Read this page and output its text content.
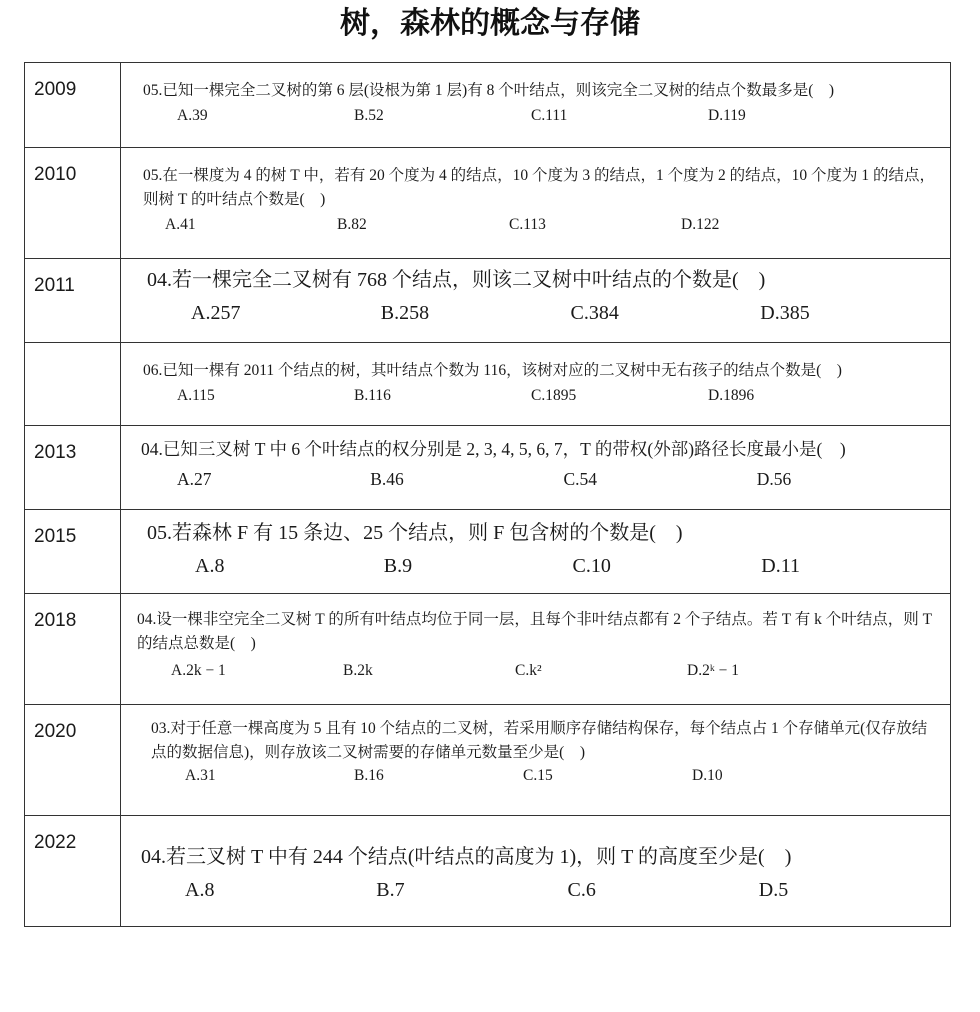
树，森林的概念与存储
2009	05.已知一棵完全二叉树的第 6 层(设根为第 1 层)有 8 个叶结点，则该完全二叉树的结点个数最多是(　)
A.39 B.52 C.111 D.119

2010	05.在一棵度为 4 的树 T 中，若有 20 个度为 4 的结点，10 个度为 3 的结点，1 个度为 2 的结点，10 个度为 1 的结点，则树 T 的叶结点个数是(　)
A.41 B.82 C.113 D.122

2011	04.若一棵完全二叉树有 768 个结点，则该二叉树中叶结点的个数是(　)
A.257 B.258 C.384 D.385

	06.已知一棵有 2011 个结点的树，其叶结点个数为 116，该树对应的二叉树中无右孩子的结点个数是(　)
A.115 B.116 C.1895 D.1896

2013	04.已知三叉树 T 中 6 个叶结点的权分别是 2, 3, 4, 5, 6, 7，T 的带权(外部)路径长度最小是(　)
A.27 B.46 C.54 D.56

2015	05.若森林 F 有 15 条边、25 个结点，则 F 包含树的个数是(　)
A.8 B.9 C.10 D.11

2018	04.设一棵非空完全二叉树 T 的所有叶结点均位于同一层，且每个非叶结点都有 2 个子结点。若 T 有 k 个叶结点，则 T 的结点总数是(　)
A.2k − 1 B.2k C.k² D.2ᵏ − 1

2020	03.对于任意一棵高度为 5 且有 10 个结点的二叉树，若采用顺序存储结构保存，每个结点占 1 个存储单元(仅存放结点的数据信息)，则存放该二叉树需要的存储单元数量至少是(　)
A.31 B.16 C.15 D.10

2022	04.若三叉树 T 中有 244 个结点(叶结点的高度为 1)，则 T 的高度至少是(　)
A.8 B.7 C.6 D.5
